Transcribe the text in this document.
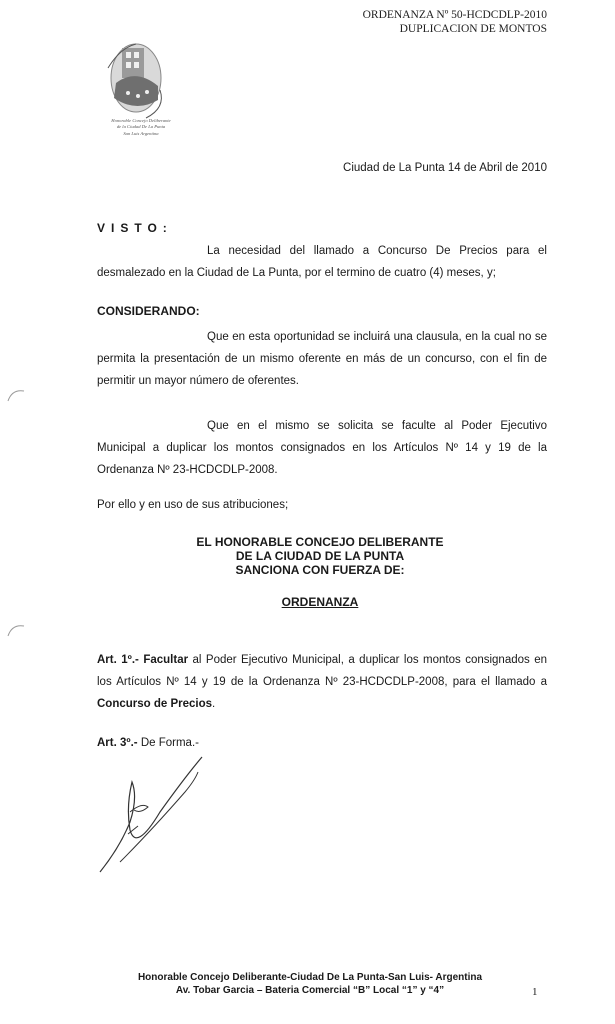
ORDENANZA Nº 50-HCDCDLP-2010
DUPLICACION DE MONTOS
Honorable Concejo Deliberante
de la Ciudad De La Punta
San Luis Argentina
Ciudad de La Punta 14 de Abril de 2010
VISTO:
La necesidad del llamado a Concurso De Precios para el desmalezado en la Ciudad de La Punta, por el termino de cuatro (4) meses, y;
CONSIDERANDO:
Que en esta oportunidad se incluirá una clausula, en la cual no se permita la presentación de un mismo oferente en más de un concurso, con el fin de permitir un mayor número de oferentes.
Que en el mismo se solicita se faculte al Poder Ejecutivo Municipal a duplicar los montos consignados en los Artículos Nº 14 y 19 de la Ordenanza Nº 23-HCDCDLP-2008.
Por ello y en uso de sus atribuciones;
EL HONORABLE CONCEJO DELIBERANTE
DE LA CIUDAD DE LA PUNTA
SANCIONA CON FUERZA DE:
ORDENANZA
Art. 1º.- Facultar al Poder Ejecutivo Municipal, a duplicar los montos consignados en los Artículos Nº 14 y 19 de la Ordenanza Nº 23-HCDCDLP-2008, para el llamado a Concurso de Precios.
Art. 3º.- De Forma.-
Honorable Concejo Deliberante-Ciudad De La Punta-San Luis- Argentina
Av. Tobar Garcia – Bateria Comercial “B” Local “1” y “4”	1
